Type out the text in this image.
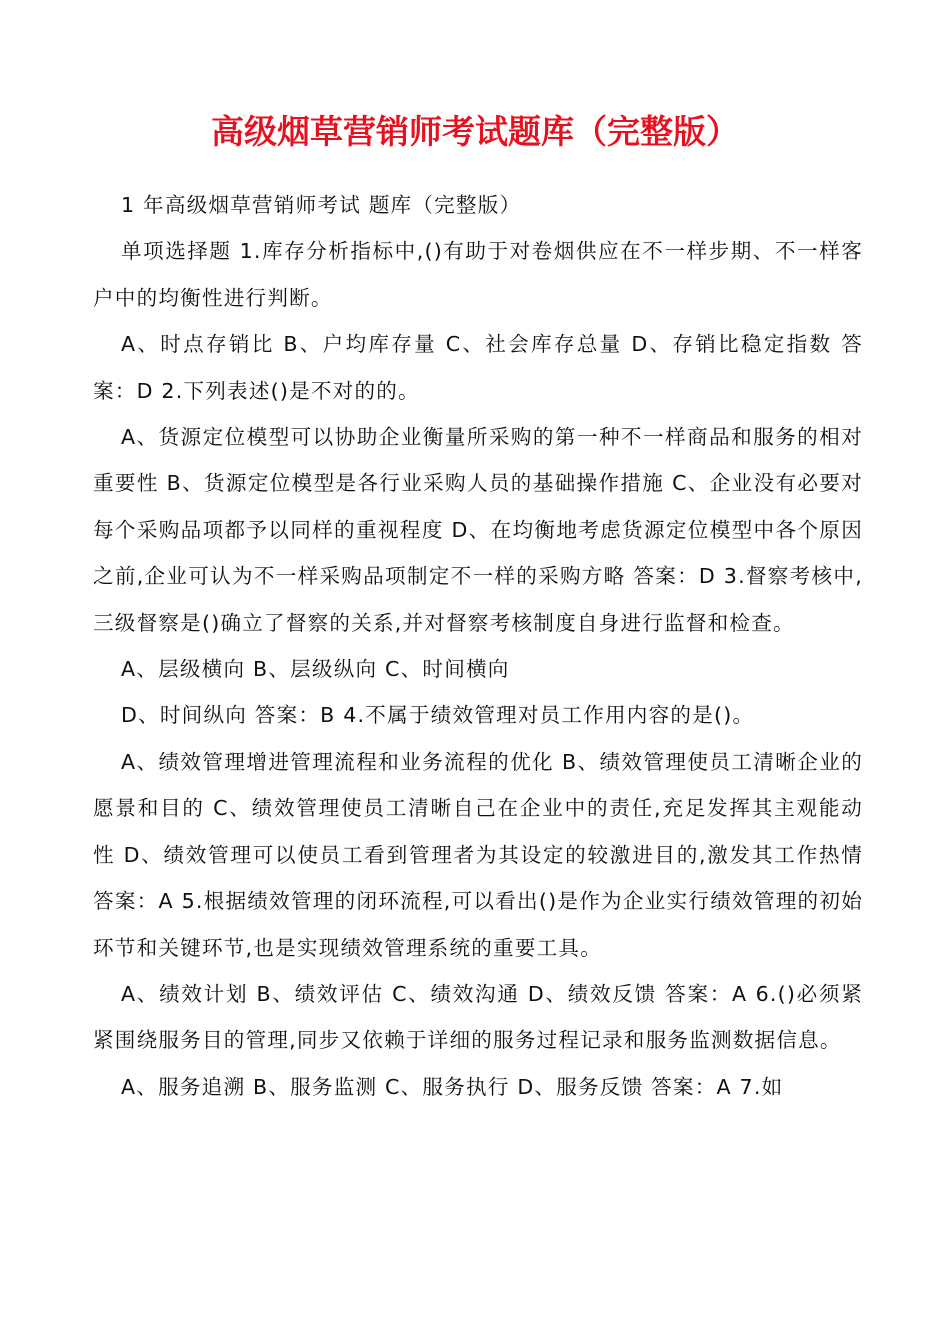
高级烟草营销师考试题库（完整版）

1 年高级烟草营销师考试 题库（完整版）

单项选择题 1.库存分析指标中,()有助于对卷烟供应在不一样步期、不一样客户中的均衡性进行判断。

A、时点存销比 B、户均库存量 C、社会库存总量 D、存销比稳定指数 答案：D 2.下列表述()是不对的的。

A、货源定位模型可以协助企业衡量所采购的第一种不一样商品和服务的相对重要性 B、货源定位模型是各行业采购人员的基础操作措施 C、企业没有必要对每个采购品项都予以同样的重视程度 D、在均衡地考虑货源定位模型中各个原因之前,企业可认为不一样采购品项制定不一样的采购方略 答案：D 3.督察考核中,三级督察是()确立了督察的关系,并对督察考核制度自身进行监督和检查。

A、层级横向 B、层级纵向 C、时间横向

D、时间纵向 答案：B 4.不属于绩效管理对员工作用内容的是()。

A、绩效管理增进管理流程和业务流程的优化 B、绩效管理使员工清晰企业的愿景和目的 C、绩效管理使员工清晰自己在企业中的责任,充足发挥其主观能动性 D、绩效管理可以使员工看到管理者为其设定的较激进目的,激发其工作热情 答案：A 5.根据绩效管理的闭环流程,可以看出()是作为企业实行绩效管理的初始环节和关键环节,也是实现绩效管理系统的重要工具。

A、绩效计划 B、绩效评估 C、绩效沟通 D、绩效反馈 答案：A 6.()必须紧紧围绕服务目的管理,同步又依赖于详细的服务过程记录和服务监测数据信息。

A、服务追溯 B、服务监测 C、服务执行 D、服务反馈 答案：A 7.如
